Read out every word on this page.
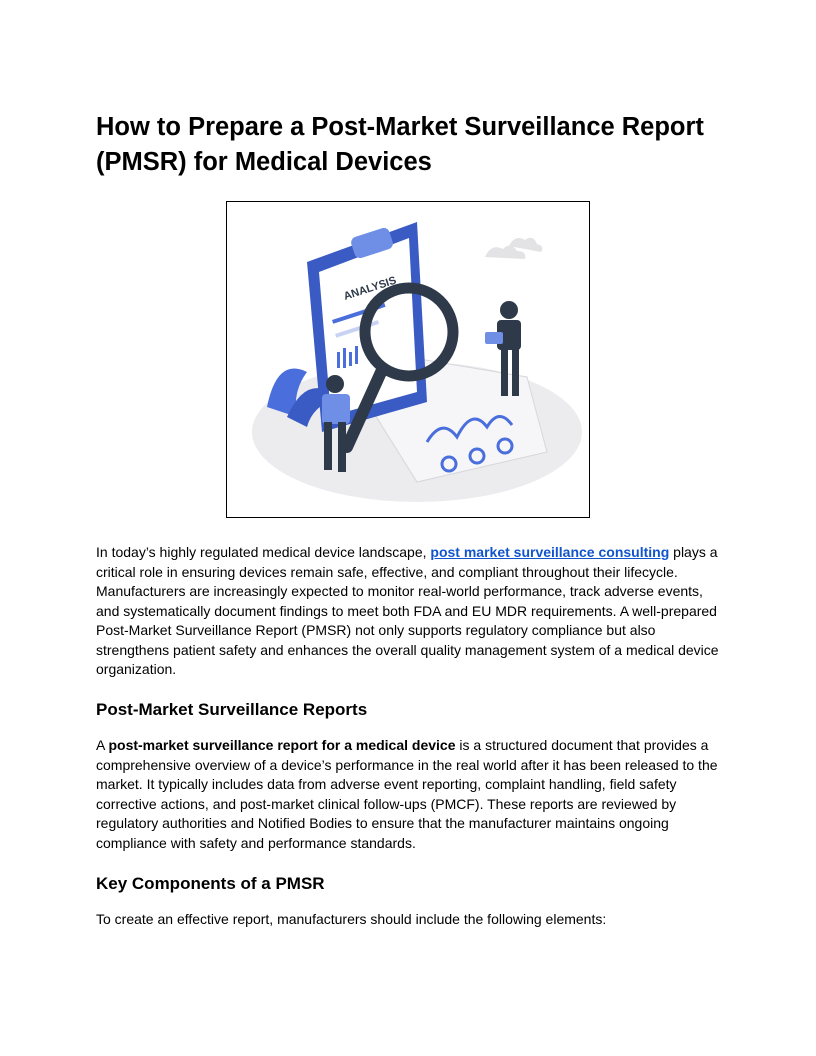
How to Prepare a Post-Market Surveillance Report (PMSR) for Medical Devices
ANALYSIS

In today’s highly regulated medical device landscape, post market surveillance consulting plays a critical role in ensuring devices remain safe, effective, and compliant throughout their lifecycle. Manufacturers are increasingly expected to monitor real-world performance, track adverse events, and systematically document findings to meet both FDA and EU MDR requirements. A well-prepared Post-Market Surveillance Report (PMSR) not only supports regulatory compliance but also strengthens patient safety and enhances the overall quality management system of a medical device organization.

Post-Market Surveillance Reports

A post-market surveillance report for a medical device is a structured document that provides a comprehensive overview of a device’s performance in the real world after it has been released to the market. It typically includes data from adverse event reporting, complaint handling, field safety corrective actions, and post-market clinical follow-ups (PMCF). These reports are reviewed by regulatory authorities and Notified Bodies to ensure that the manufacturer maintains ongoing compliance with safety and performance standards.

Key Components of a PMSR

To create an effective report, manufacturers should include the following elements:
